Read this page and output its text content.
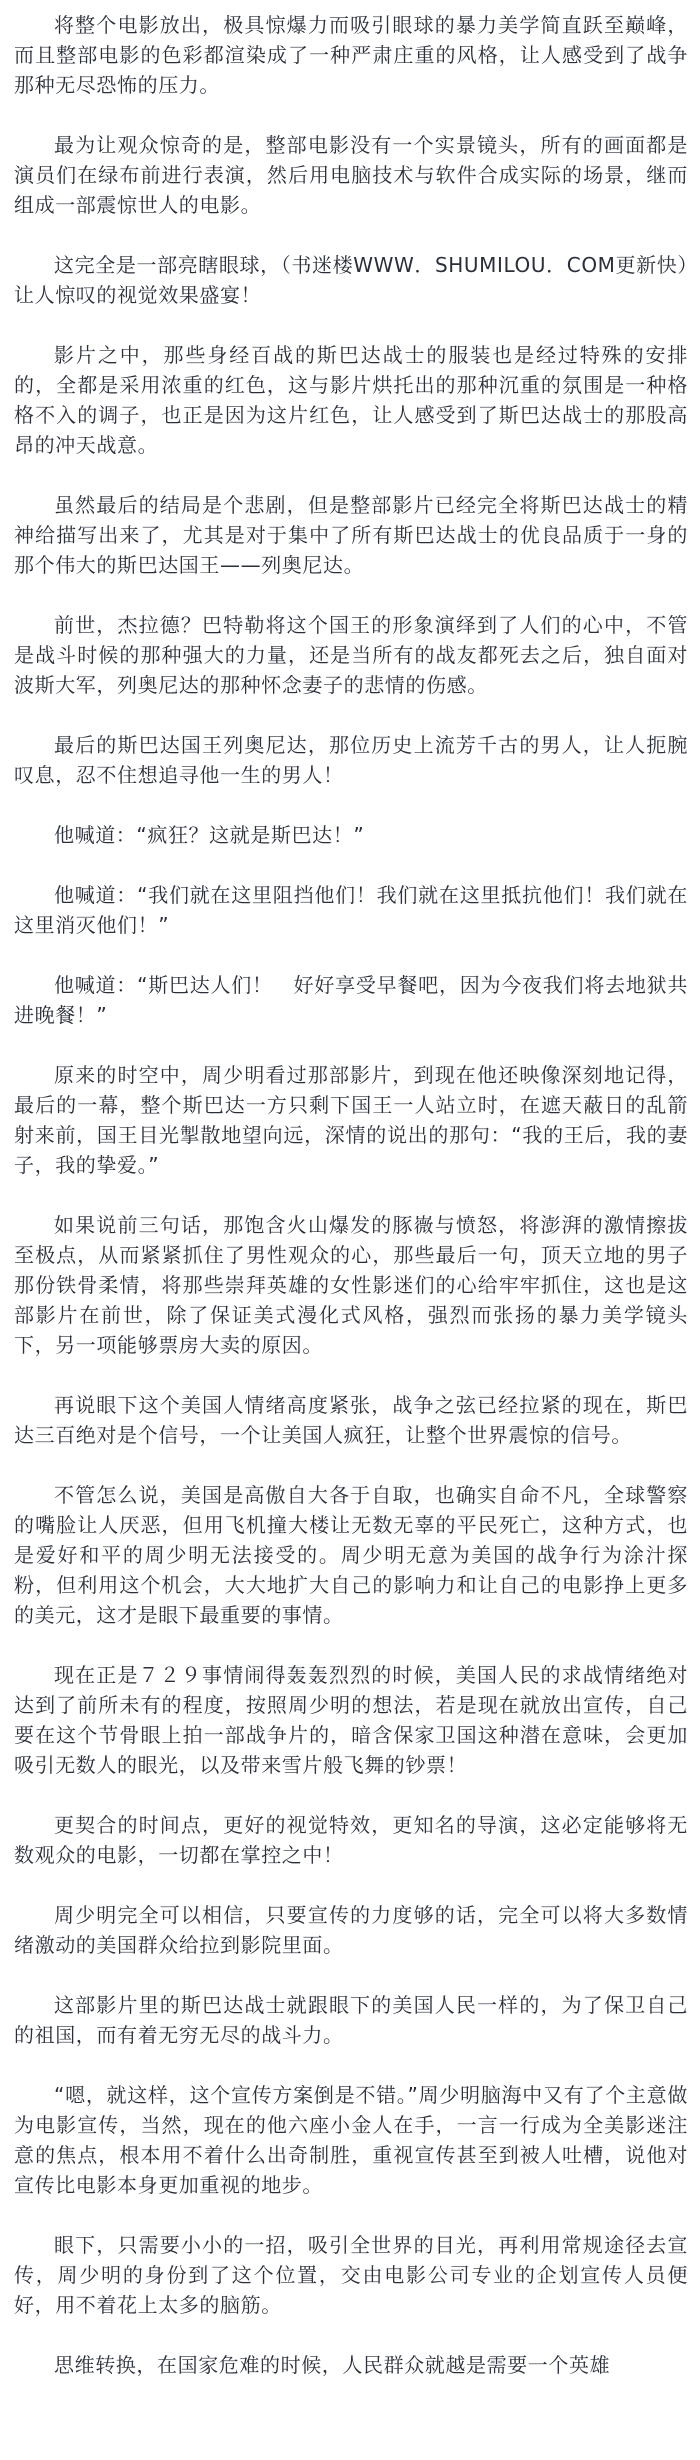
将整个电影放出，极具惊爆力而吸引眼球的暴力美学简直跃至巅峰，而且整部电影的色彩都渲染成了一种严肃庄重的风格，让人感受到了战争那种无尽恐怖的压力。

最为让观众惊奇的是，整部电影没有一个实景镜头，所有的画面都是演员们在绿布前进行表演，然后用电脑技术与软件合成实际的场景，继而组成一部震惊世人的电影。

这完全是一部亮瞎眼球，（书迷楼WWW．SHUMILOU．COM更新快）让人惊叹的视觉效果盛宴！

影片之中，那些身经百战的斯巴达战士的服装也是经过特殊的安排的，全都是采用浓重的红色，这与影片烘托出的那种沉重的氛围是一种格格不入的调子，也正是因为这片红色，让人感受到了斯巴达战士的那股高昂的冲天战意。

虽然最后的结局是个悲剧，但是整部影片已经完全将斯巴达战士的精神给描写出来了，尤其是对于集中了所有斯巴达战士的优良品质于一身的那个伟大的斯巴达国王——列奥尼达。

前世，杰拉德？巴特勒将这个国王的形象演绎到了人们的心中，不管是战斗时候的那种强大的力量，还是当所有的战友都死去之后，独自面对波斯大军，列奥尼达的那种怀念妻子的悲情的伤感。

最后的斯巴达国王列奥尼达，那位历史上流芳千古的男人，让人扼腕叹息，忍不住想追寻他一生的男人！

他喊道：“疯狂？这就是斯巴达！”

他喊道：“我们就在这里阻挡他们！我们就在这里抵抗他们！我们就在这里消灭他们！”

他喊道：“斯巴达人们！　好好享受早餐吧，因为今夜我们将去地狱共进晚餐！”

原来的时空中，周少明看过那部影片，到现在他还映像深刻地记得，最后的一幕，整个斯巴达一方只剩下国王一人站立时，在遮天蔽日的乱箭射来前，国王目光掣散地望向远，深情的说出的那句：“我的王后，我的妻子，我的挚爱。”

如果说前三句话，那饱含火山爆发的豚嶶与愤怒，将澎湃的激情擦拔至极点，从而紧紧抓住了男性观众的心，那些最后一句，顶天立地的男子那份铁骨柔情，将那些崇拜英雄的女性影迷们的心给牢牢抓住，这也是这部影片在前世，除了保证美式漫化式风格，强烈而张扬的暴力美学镜头下，另一项能够票房大卖的原因。

再说眼下这个美国人情绪高度紧张，战争之弦已经拉紧的现在，斯巴达三百绝对是个信号，一个让美国人疯狂，让整个世界震惊的信号。

不管怎么说，美国是高傲自大各于自取，也确实自命不凡，全球警察的嘴脸让人厌恶，但用飞机撞大楼让无数无辜的平民死亡，这种方式，也是爱好和平的周少明无法接受的。周少明无意为美国的战争行为涂汁探粉，但利用这个机会，大大地扩大自己的影响力和让自己的电影挣上更多的美元，这才是眼下最重要的事情。

现在正是７２９事情闹得轰轰烈烈的时候，美国人民的求战情绪绝对达到了前所未有的程度，按照周少明的想法，若是现在就放出宣传，自己要在这个节骨眼上拍一部战争片的，暗含保家卫国这种潜在意味，会更加吸引无数人的眼光，以及带来雪片般飞舞的钞票！

更契合的时间点，更好的视觉特效，更知名的导演，这必定能够将无数观众的电影，一切都在掌控之中！

周少明完全可以相信，只要宣传的力度够的话，完全可以将大多数情绪激动的美国群众给拉到影院里面。

这部影片里的斯巴达战士就跟眼下的美国人民一样的，为了保卫自己的祖国，而有着无穷无尽的战斗力。

“嗯，就这样，这个宣传方案倒是不错。”周少明脑海中又有了个主意做为电影宣传，当然，现在的他六座小金人在手，一言一行成为全美影迷注意的焦点，根本用不着什么出奇制胜，重视宣传甚至到被人吐槽，说他对宣传比电影本身更加重视的地步。

眼下，只需要小小的一招，吸引全世界的目光，再利用常规途径去宣传，周少明的身份到了这个位置，交由电影公司专业的企划宣传人员便好，用不着花上太多的脑筋。

思维转换，在国家危难的时候，人民群众就越是需要一个英雄
